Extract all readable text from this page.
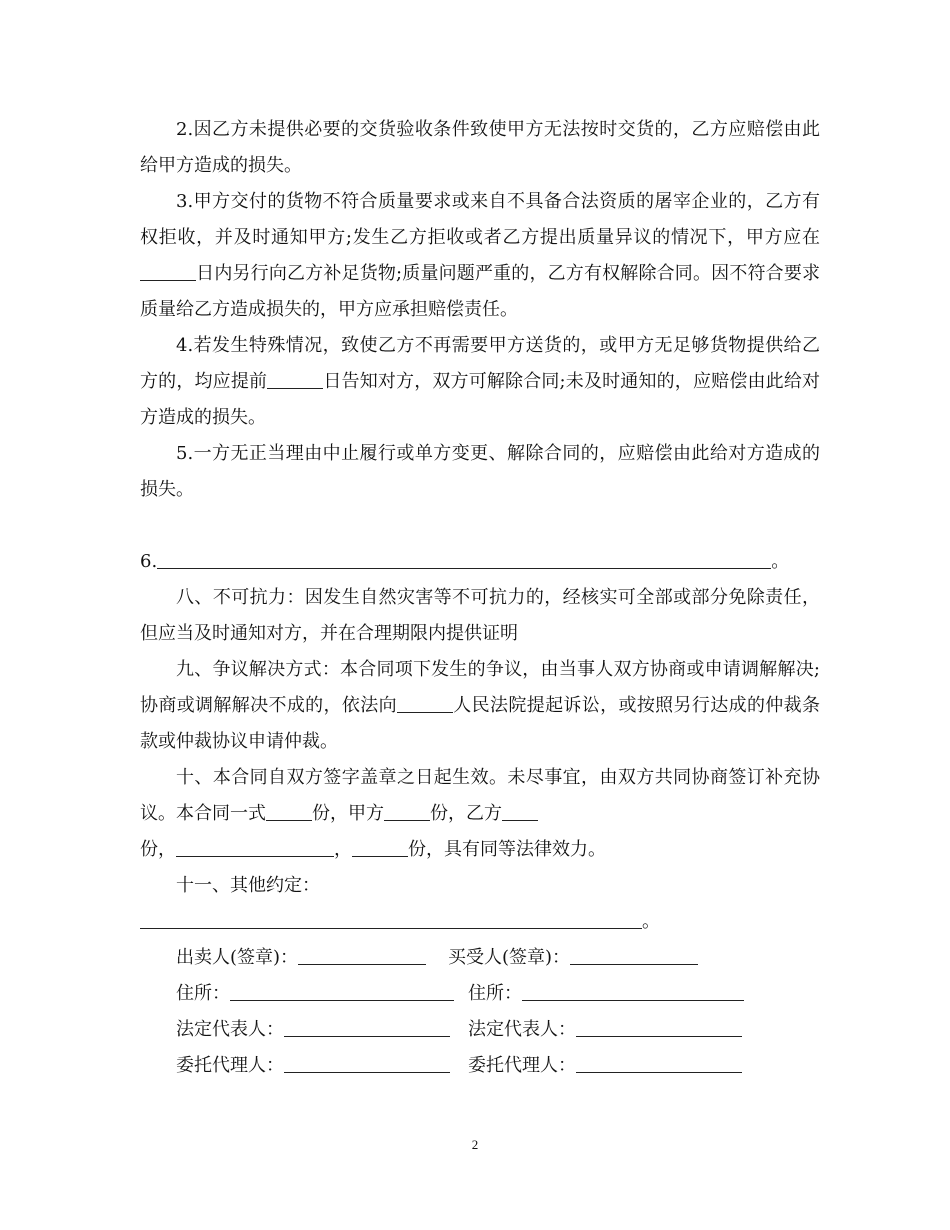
2.因乙方未提供必要的交货验收条件致使甲方无法按时交货的，乙方应赔偿由此给甲方造成的损失。

3.甲方交付的货物不符合质量要求或来自不具备合法资质的屠宰企业的，乙方有权拒收，并及时通知甲方;发生乙方拒收或者乙方提出质量异议的情况下，甲方应在日内另行向乙方补足货物;质量问题严重的，乙方有权解除合同。因不符合要求质量给乙方造成损失的，甲方应承担赔偿责任。

4.若发生特殊情况，致使乙方不再需要甲方送货的，或甲方无足够货物提供给乙方的，均应提前	日告知对方，双方可解除合同;未及时通知的，应赔偿由此给对方造成的损失。

5.一方无正当理由中止履行或单方变更、解除合同的，应赔偿由此给对方造成的损失。

6.	。

八、不可抗力：因发生自然灾害等不可抗力的，经核实可全部或部分免除责任，但应当及时通知对方，并在合理期限内提供证明

九、争议解决方式：本合同项下发生的争议，由当事人双方协商或申请调解解决;协商或调解解决不成的，依法向	人民法院提起诉讼，或按照另行达成的仲裁条款或仲裁协议申请仲裁。

十、本合同自双方签字盖章之日起生效。未尽事宜，由双方共同协商签订补充协议。本合同一式	份，甲方	份，乙方
份，	，	份，具有同等法律效力。

十一、其他约定：

。

出卖人(签章)：	买受人(签章)：
住所：	住所：
法定代表人：	法定代表人：
委托代理人：	委托代理人：
2
